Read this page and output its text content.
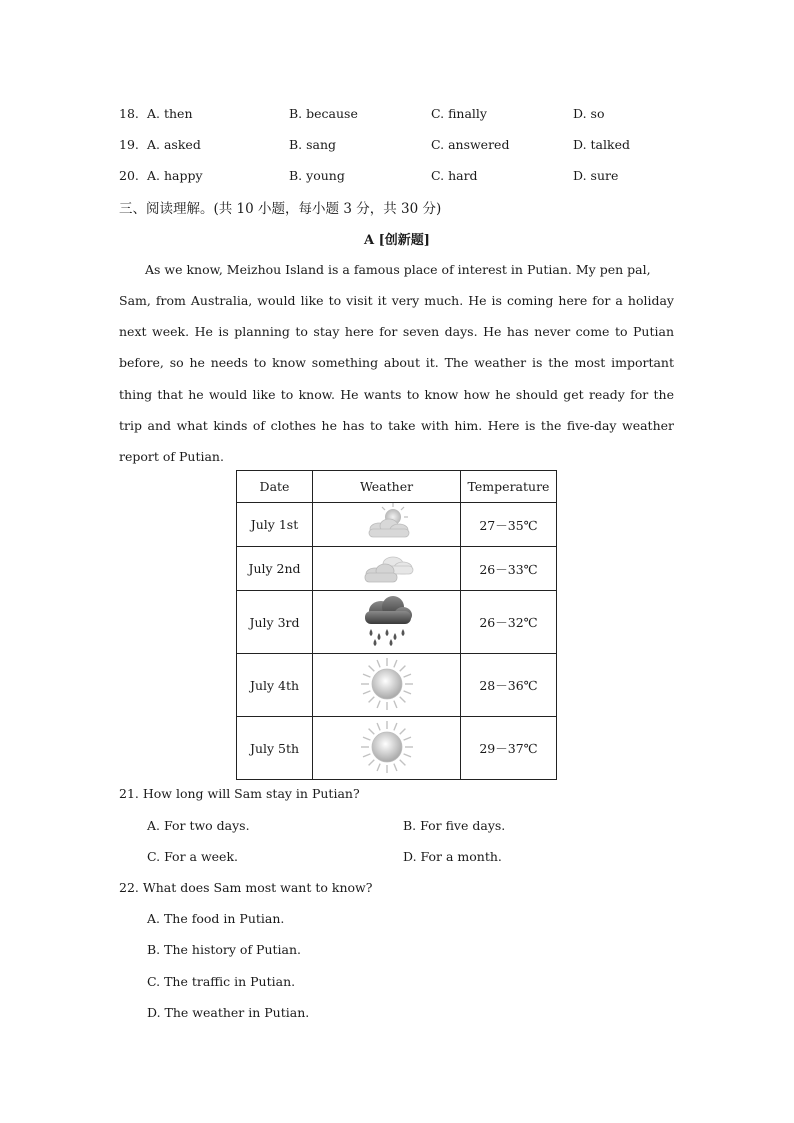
18. A. then	B. because	C. finally	D. so
19. A. asked	B. sang	C. answered	D. talked
20. A. happy	B. young	C. hard	D. sure
三、阅读理解。(共 10 小题，每小题 3 分，共 30 分)
A [创新题]
As we know, Meizhou Island is a famous place of interest in Putian. My pen pal,
Sam, from Australia, would like to visit it very much. He is coming here for a holiday
next week. He is planning to stay here for seven days. He has never come to Putian
before, so he needs to know something about it. The weather is the most important
thing that he would like to know. He wants to know how he should get ready for the
trip and what kinds of clothes he has to take with him. Here is the five-day weather
report of Putian.
Date	Weather	Temperature
July 1st		27－35℃
July 2nd		26－33℃
July 3rd		26－32℃
July 4th		28－36℃
July 5th		29－37℃
21. How long will Sam stay in Putian?
A. For two days.	B. For five days.
C. For a week.	D. For a month.
22. What does Sam most want to know?
A. The food in Putian.
B. The history of Putian.
C. The traffic in Putian.
D. The weather in Putian.
